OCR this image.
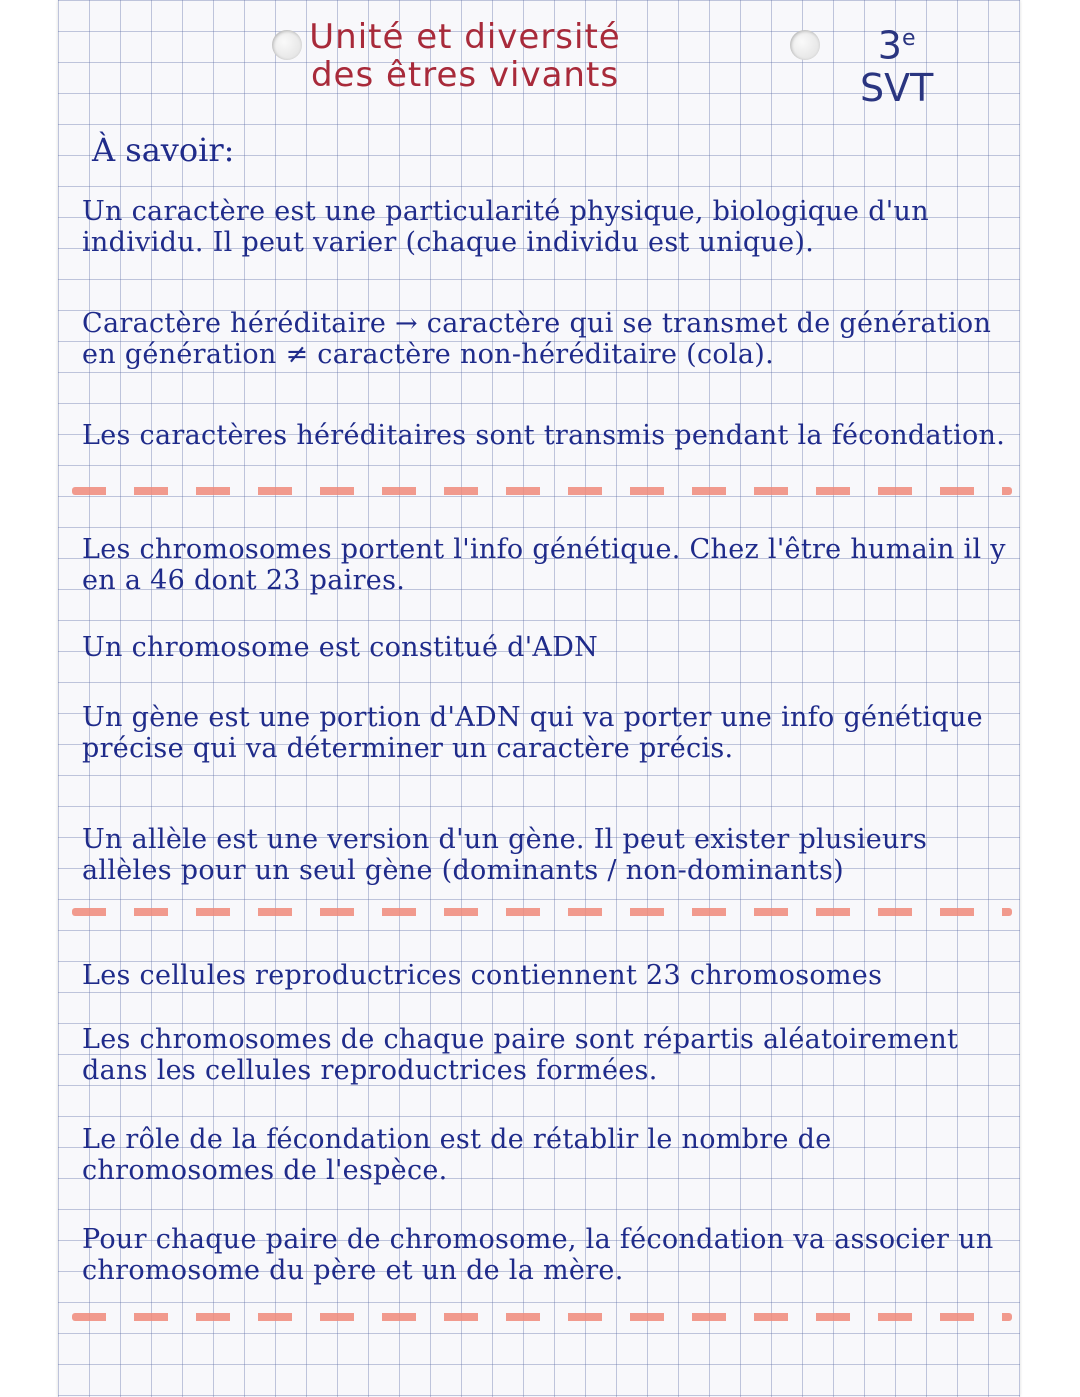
Unité et diversité
des êtres vivants
3e
SVT
À savoir:
Un caractère est une particularité physique, biologique d'un individu. Il peut varier (chaque individu est unique).
Caractère héréditaire → caractère qui se transmet de génération en génération ≠ caractère non-héréditaire (cola).
Les caractères héréditaires sont transmis pendant la fécondation.
Les chromosomes portent l'info génétique. Chez l'être humain il y en a 46 dont 23 paires.
Un chromosome est constitué d'ADN
Un gène est une portion d'ADN qui va porter une info génétique précise qui va déterminer un caractère précis.
Un allèle est une version d'un gène. Il peut exister plusieurs allèles pour un seul gène (dominants / non-dominants)
Les cellules reproductrices contiennent 23 chromosomes
Les chromosomes de chaque paire sont répartis aléatoirement dans les cellules reproductrices formées.
Le rôle de la fécondation est de rétablir le nombre de chromosomes de l'espèce.
Pour chaque paire de chromosome, la fécondation va associer un chromosome du père et un de la mère.
